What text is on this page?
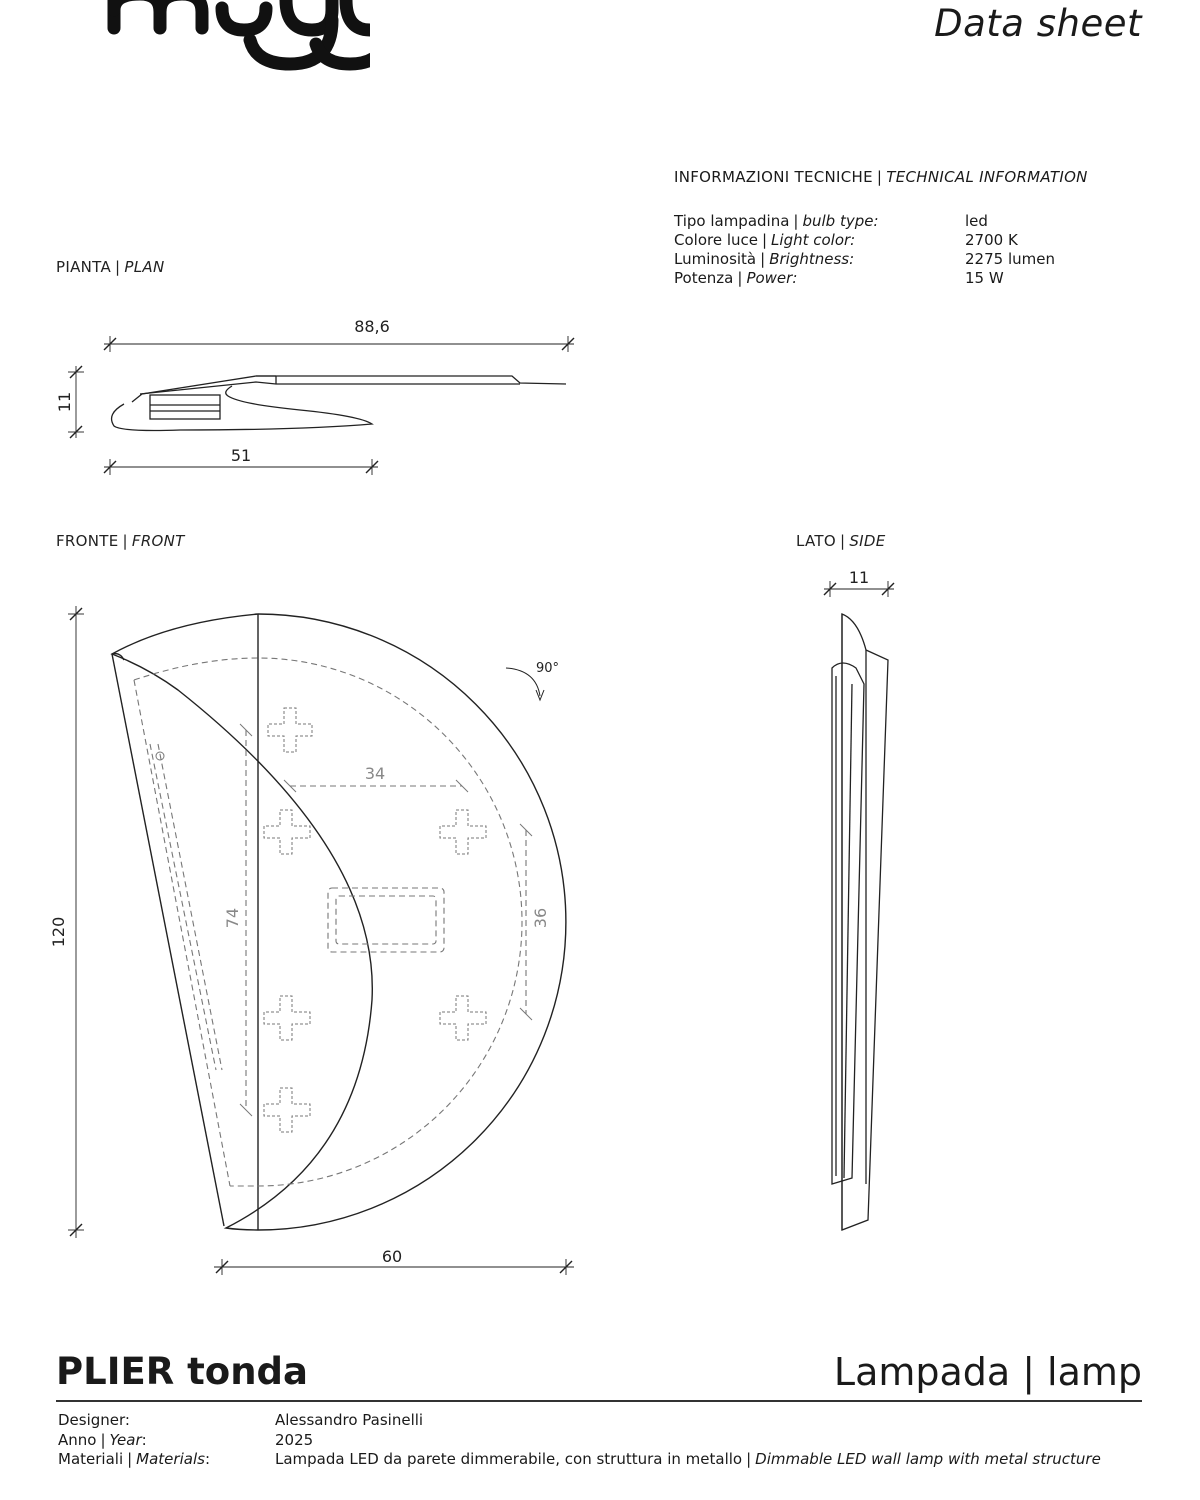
Data sheet
INFORMAZIONI TECNICHE | TECHNICAL INFORMATION
Tipo lampadina | bulb type:	led
Colore luce | Light color:	2700 K
Luminosità | Brightness:	2275 lumen
Potenza | Power:	15 W
PIANTA | PLAN
FRONTE | FRONT	LATO | SIDE
88,6
51
11
120
60
34
74	36
90°
11
PLIER tonda	Lampada | lamp
Designer:	Alessandro Pasinelli
Anno | Year:	2025
Materiali | Materials:	Lampada LED da parete dimmerabile, con struttura in metallo | Dimmable LED wall lamp with metal structure
